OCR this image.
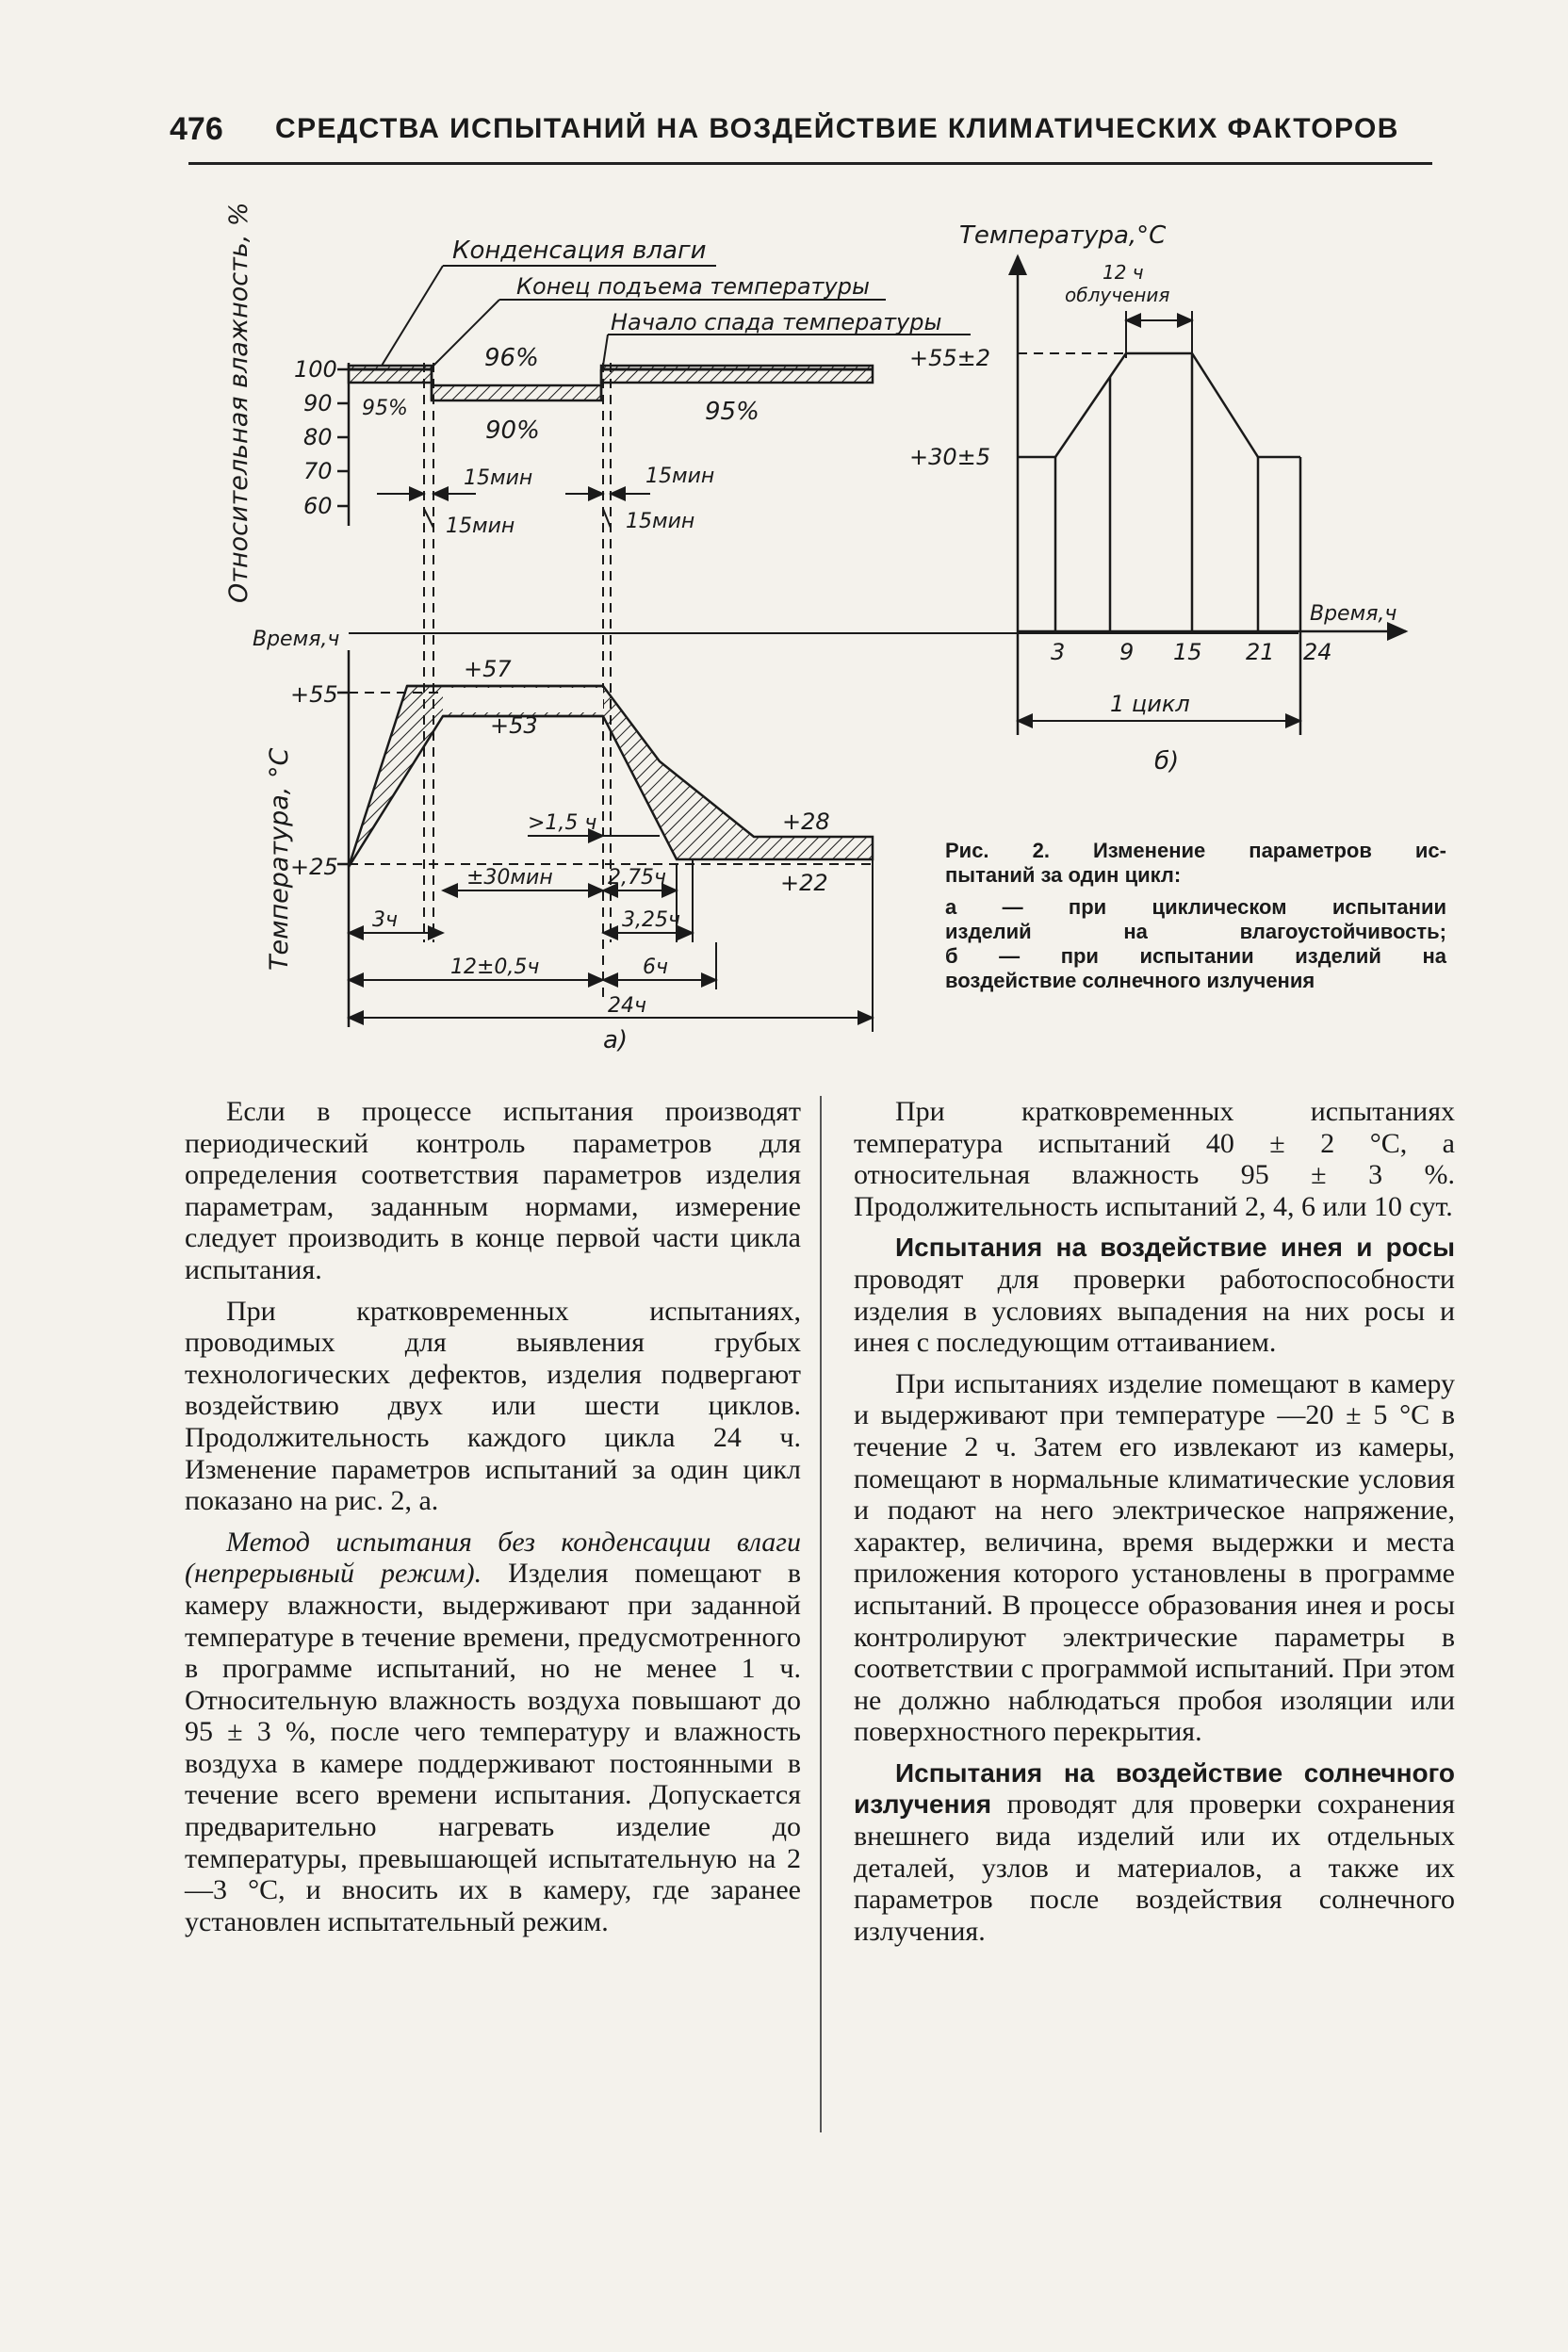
476 СРЕДСТВА ИСПЫТАНИЙ НА ВОЗДЕЙСТВИЕ КЛИМАТИЧЕСКИХ ФАКТОРОВ
Относительная влажность, %
Температура, °С
Время,ч
100
90
80
70
60
Конденсация влаги
Конец подъема температуры
Начало спада температуры
96%
95%
90%
95%
15мин
15мин
15мин
15мин
+55
+25
+57
+53
+28
+22
>1,5 ч
±30мин	2,75ч
3ч	3,25ч
12±0,5ч	6ч
24ч
а)
Температура,°С
Время,ч
12 ч
облучения
+55±2
+30±5
3 9 15 21 24
1 цикл
б)
Рис. 2. Изменение параметров ис-
пытаний за один цикл:
а — при циклическом испытании
изделий на влагоустойчивость;
б — при испытании изделий на
воздействие солнечного излучения

Если в процессе испытания производят периодический контроль параметров для определения соответствия параметров изделия параметрам, заданным нормами, измерение следует производить в конце первой части цикла испытания.

При кратковременных испытаниях, проводимых для выявления грубых технологических дефектов, изделия подвергают воздействию двух или шести циклов. Продолжительность каждого цикла 24 ч. Изменение параметров испытаний за один цикл показано на рис. 2, а.

Метод испытания без конденсации влаги (непрерывный режим). Изделия помещают в камеру влажности, выдерживают при заданной температуре в течение времени, предусмотренного в программе испытаний, но не менее 1 ч. Относительную влажность воздуха повышают до 95 ± 3 %, после чего температуру и влажность воздуха в камере поддерживают постоянными в течение всего времени испытания. Допускается предварительно нагревать изделие до температуры, превышающей испытательную на 2—3 °С, и вносить их в камеру, где заранее установлен испытательный режим.

При кратковременных испытаниях температура испытаний 40 ± 2 °С, а относительная влажность 95 ± 3 %. Продолжительность испытаний 2, 4, 6 или 10 сут.

Испытания на воздействие инея и росы проводят для проверки работоспособности изделия в условиях выпадения на них росы и инея с последующим оттаиванием.

При испытаниях изделие помещают в камеру и выдерживают при температуре —20 ± 5 °С в течение 2 ч. Затем его извлекают из камеры, помещают в нормальные климатические условия и подают на него электрическое напряжение, характер, величина, время выдержки и места приложения которого установлены в программе испытаний. В процессе образования инея и росы контролируют электрические параметры в соответствии с программой испытаний. При этом не должно наблюдаться пробоя изоляции или поверхностного перекрытия.

Испытания на воздействие солнечного излучения проводят для проверки сохранения внешнего вида изделий или их отдельных деталей, узлов и материалов, а также их параметров после воздействия солнечного излучения.
